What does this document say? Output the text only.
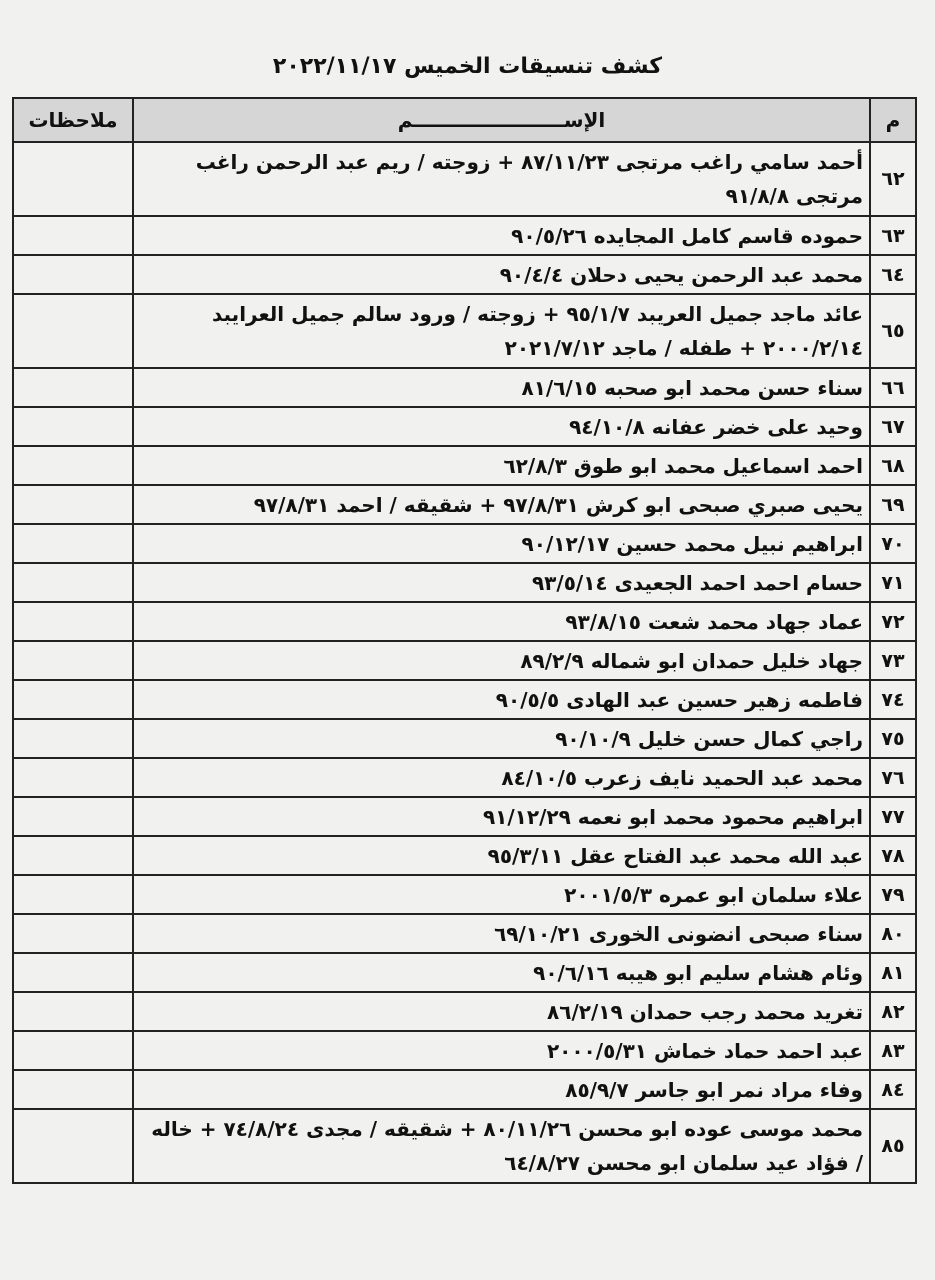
كشف تنسيقات الخميس ٢٠٢٢/١١/١٧
م	الإســــــــــــــــــــــم	ملاحظات
٦٢	أحمد سامي راغب مرتجى ٨٧/١١/٢٣ + زوجته / ريم عبد الرحمن راغب مرتجى ٩١/٨/٨	
٦٣	حموده قاسم كامل المجايده ٩٠/٥/٢٦	
٦٤	محمد عبد الرحمن يحيى دحلان ٩٠/٤/٤	
٦٥	عائد ماجد جميل العريبد ٩٥/١/٧ + زوجته / ورود سالم جميل العرايبد ٢٠٠٠/٢/١٤ + طفله / ماجد ٢٠٢١/٧/١٢	
٦٦	سناء حسن محمد ابو صحبه ٨١/٦/١٥	
٦٧	وحيد على خضر عفانه ٩٤/١٠/٨	
٦٨	احمد اسماعيل محمد ابو طوق ٦٢/٨/٣	
٦٩	يحيى صبري صبحى ابو كرش ٩٧/٨/٣١ + شقيقه / احمد ٩٧/٨/٣١	
٧٠	ابراهيم نبيل محمد حسين ٩٠/١٢/١٧	
٧١	حسام احمد احمد الجعيدى ٩٣/٥/١٤	
٧٢	عماد جهاد محمد شعت ٩٣/٨/١٥	
٧٣	جهاد خليل حمدان ابو شماله ٨٩/٢/٩	
٧٤	فاطمه زهير حسين عبد الهادى ٩٠/٥/٥	
٧٥	راجي كمال حسن خليل ٩٠/١٠/٩	
٧٦	محمد عبد الحميد نايف زعرب ٨٤/١٠/٥	
٧٧	ابراهيم محمود محمد ابو نعمه ٩١/١٢/٢٩	
٧٨	عبد الله محمد عبد الفتاح عقل ٩٥/٣/١١	
٧٩	علاء سلمان ابو عمره ٢٠٠١/٥/٣	
٨٠	سناء صبحى انضونى الخورى ٦٩/١٠/٢١	
٨١	وئام هشام سليم ابو هيبه ٩٠/٦/١٦	
٨٢	تغريد محمد رجب حمدان ٨٦/٢/١٩	
٨٣	عبد احمد حماد خماش ٢٠٠٠/٥/٣١	
٨٤	وفاء مراد نمر ابو جاسر ٨٥/٩/٧	
٨٥	محمد موسى عوده ابو محسن ٨٠/١١/٢٦ + شقيقه / مجدى ٧٤/٨/٢٤ + خاله / فؤاد عيد سلمان ابو محسن ٦٤/٨/٢٧	
